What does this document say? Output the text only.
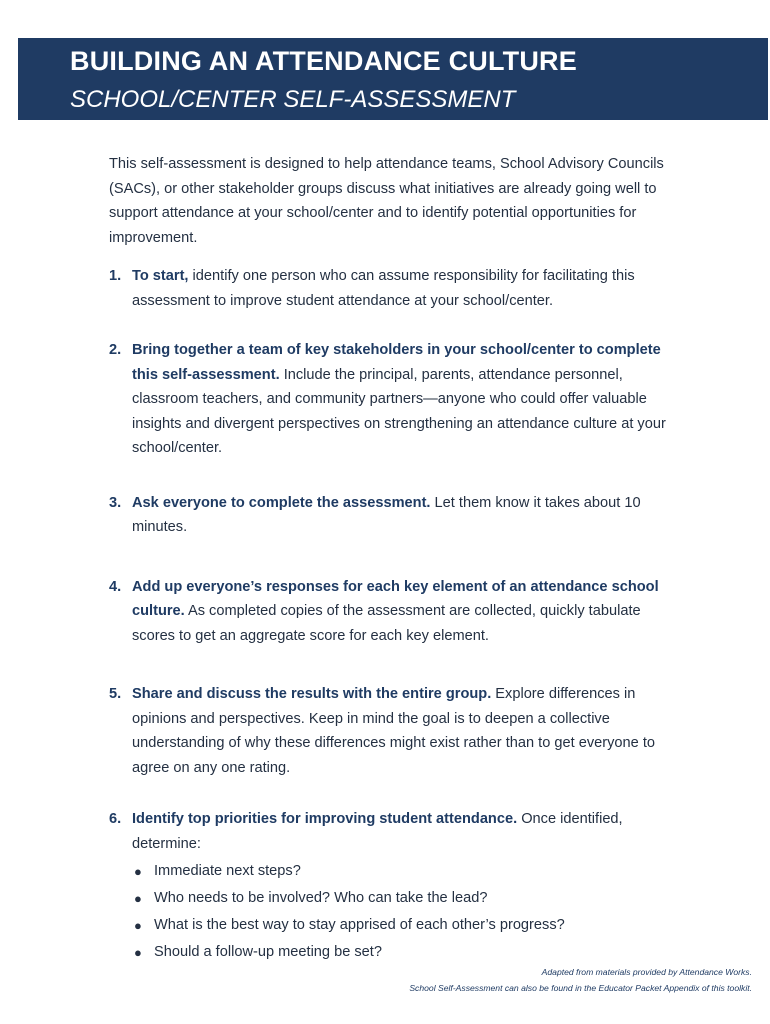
BUILDING AN ATTENDANCE CULTURE
SCHOOL/CENTER SELF-ASSESSMENT

This self-assessment is designed to help attendance teams, School Advisory Councils (SACs), or other stakeholder groups discuss what initiatives are already going well to support attendance at your school/center and to identify potential opportunities for improvement.

1. To start, identify one person who can assume responsibility for facilitating this assessment to improve student attendance at your school/center.
2. Bring together a team of key stakeholders in your school/center to complete this self-assessment. Include the principal, parents, attendance personnel, classroom teachers, and community partners—anyone who could offer valuable insights and divergent perspectives on strengthening an attendance culture at your school/center.
3. Ask everyone to complete the assessment. Let them know it takes about 10 minutes.
4. Add up everyone’s responses for each key element of an attendance school culture. As completed copies of the assessment are collected, quickly tabulate scores to get an aggregate score for each key element.
5. Share and discuss the results with the entire group. Explore differences in opinions and perspectives. Keep in mind the goal is to deepen a collective understanding of why these differences might exist rather than to get everyone to agree on any one rating.
6. Identify top priorities for improving student attendance. Once identified, determine:
● Immediate next steps?
● Who needs to be involved? Who can take the lead?
● What is the best way to stay apprised of each other’s progress?
● Should a follow-up meeting be set?
Adapted from materials provided by Attendance Works.
School Self-Assessment can also be found in the Educator Packet Appendix of this toolkit.
